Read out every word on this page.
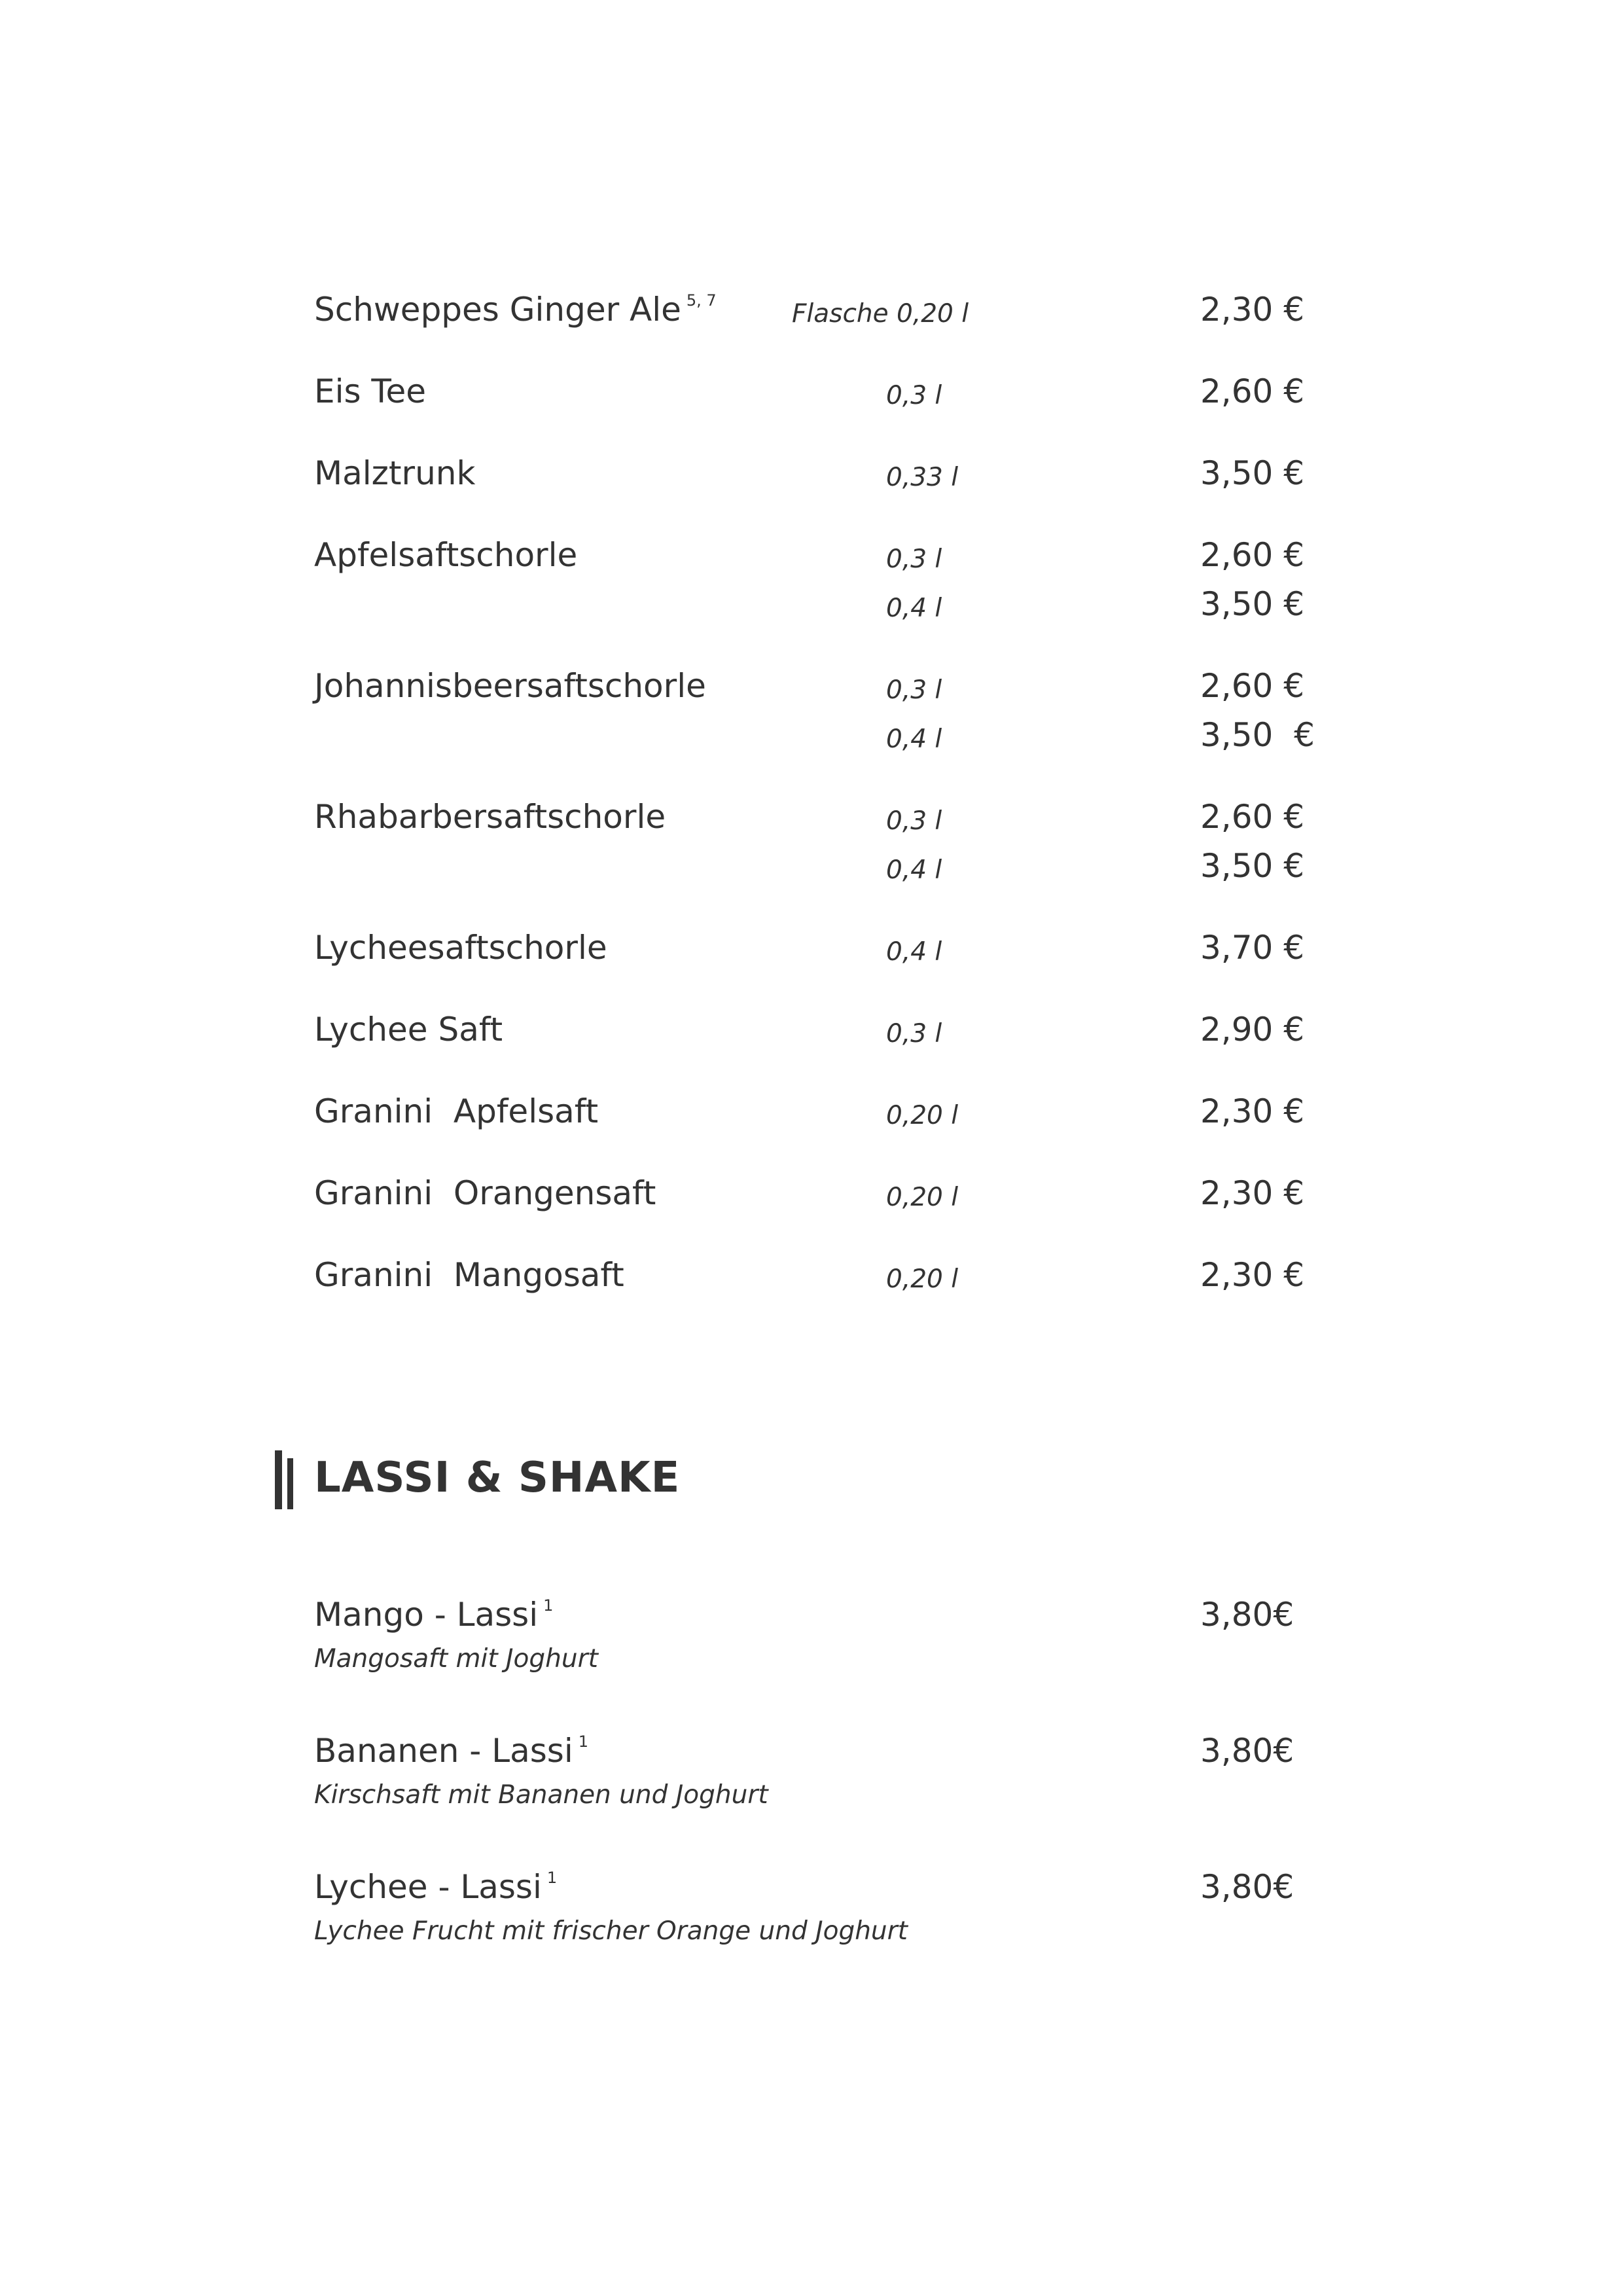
Schweppes Ginger Ale $^{5, 7}$	Flasche 0,20 l	2,30 €
Eis Tee	0,3 l	2,60 €
Malztrunk	0,33 l	3,50 €
Apfelsaftschorle	0,3 l	2,60 €
0,4 l	3,50 €
Johannisbeersaftschorle	0,3 l	2,60 €
0,4 l	3,50  €
Rhabarbersaftschorle	0,3 l	2,60 €
0,4 l	3,50 €
Lycheesaftschorle	0,4 l	3,70 €
Lychee Saft	0,3 l	2,90 €
Granini  Apfelsaft	0,20 l	2,30 €
Granini  Orangensaft	0,20 l	2,30 €
Granini  Mangosaft	0,20 l	2,30 €
LASSI & SHAKE
Mango - Lassi $^1$
Mangosaft mit Joghurt
3,80€
Bananen - Lassi $^1$
Kirschsaft mit Bananen und Joghurt
3,80€
Lychee - Lassi $^1$
Lychee Frucht mit frischer Orange und Joghurt
3,80€
